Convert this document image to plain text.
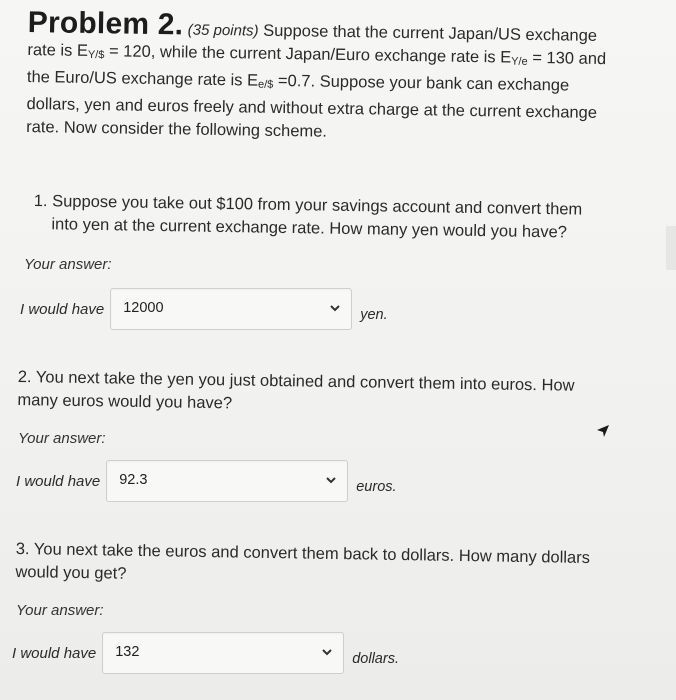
Problem 2. (35 points) Suppose that the current Japan/US exchange

rate is EY/$ = 120, while the current Japan/Euro exchange rate is EY/e = 130 and
the Euro/US exchange rate is Ee/$ =0.7. Suppose your bank can exchange
dollars, yen and euros freely and without extra charge at the current exchange
rate. Now consider the following scheme.

1. Suppose you take out $100 from your savings account and convert them
into yen at the current exchange rate. How many yen would you have?

Your answer:
I would have 12000	yen.

2. You next take the yen you just obtained and convert them into euros. How
many euros would you have?

Your answer:
I would have 92.3	euros.

3. You next take the euros and convert them back to dollars. How many dollars
would you get?

Your answer:
I would have 132	dollars.
